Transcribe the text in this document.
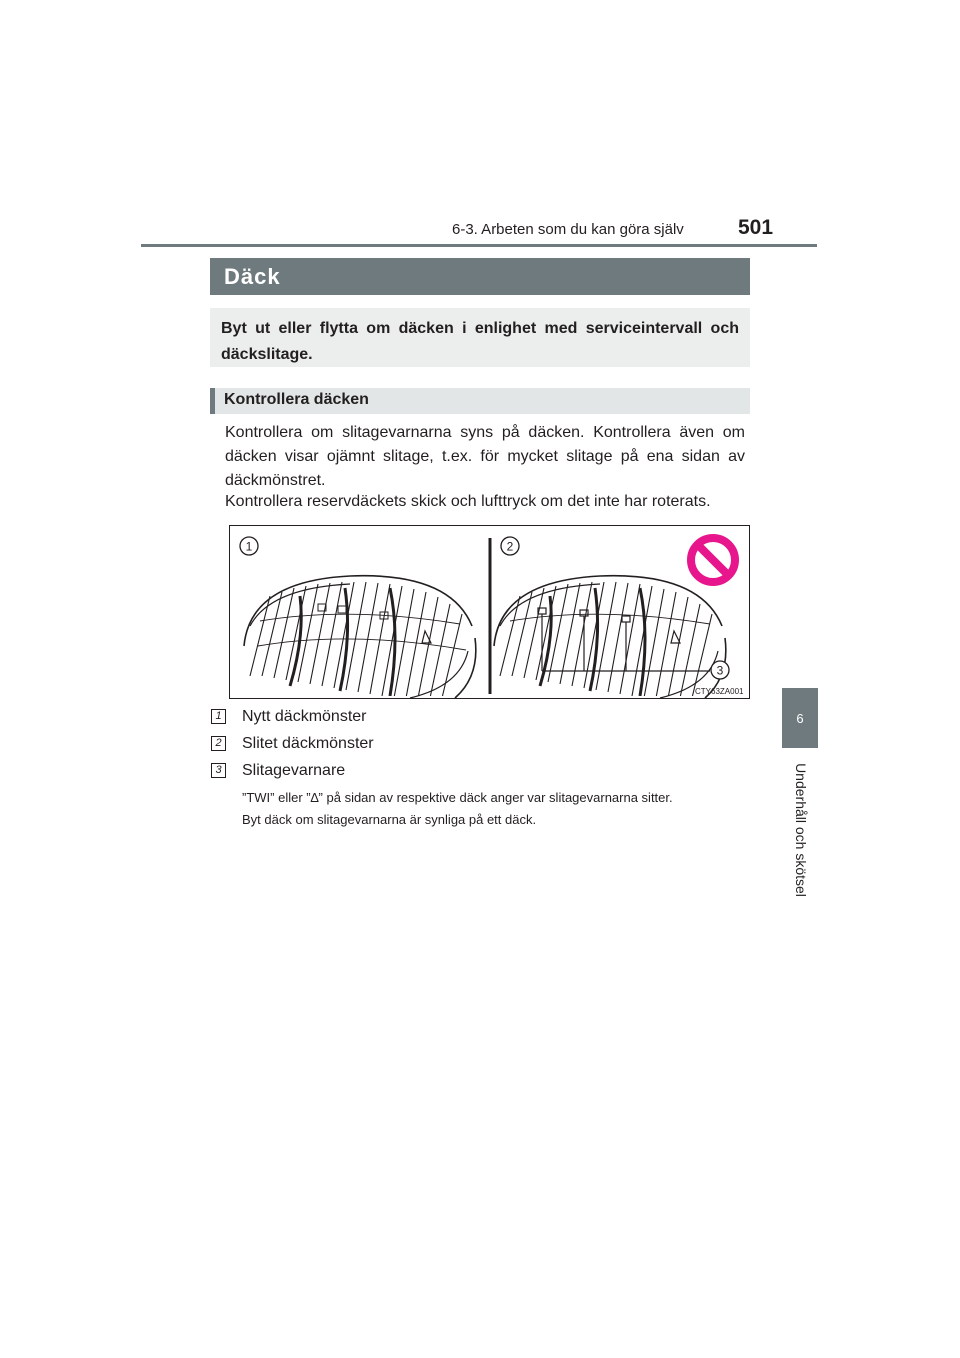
6-3. Arbeten som du kan göra själv	501
6
Underhåll och skötsel
Däck
Byt ut eller flytta om däcken i enlighet med serviceintervall och däckslitage.
Kontrollera däcken

Kontrollera om slitagevarnarna syns på däcken. Kontrollera även om däcken visar ojämnt slitage, t.ex. för mycket slitage på ena sidan av däckmönstret.

Kontrollera reservdäckets skick och lufttryck om det inte har roterats.

1	2
3
CTY63ZA001
1 Nytt däckmönster
2 Slitet däckmönster
3 Slitagevarnare
”TWI” eller ”∆” på sidan av respektive däck anger var slitagevarnarna sitter.
Byt däck om slitagevarnarna är synliga på ett däck.
